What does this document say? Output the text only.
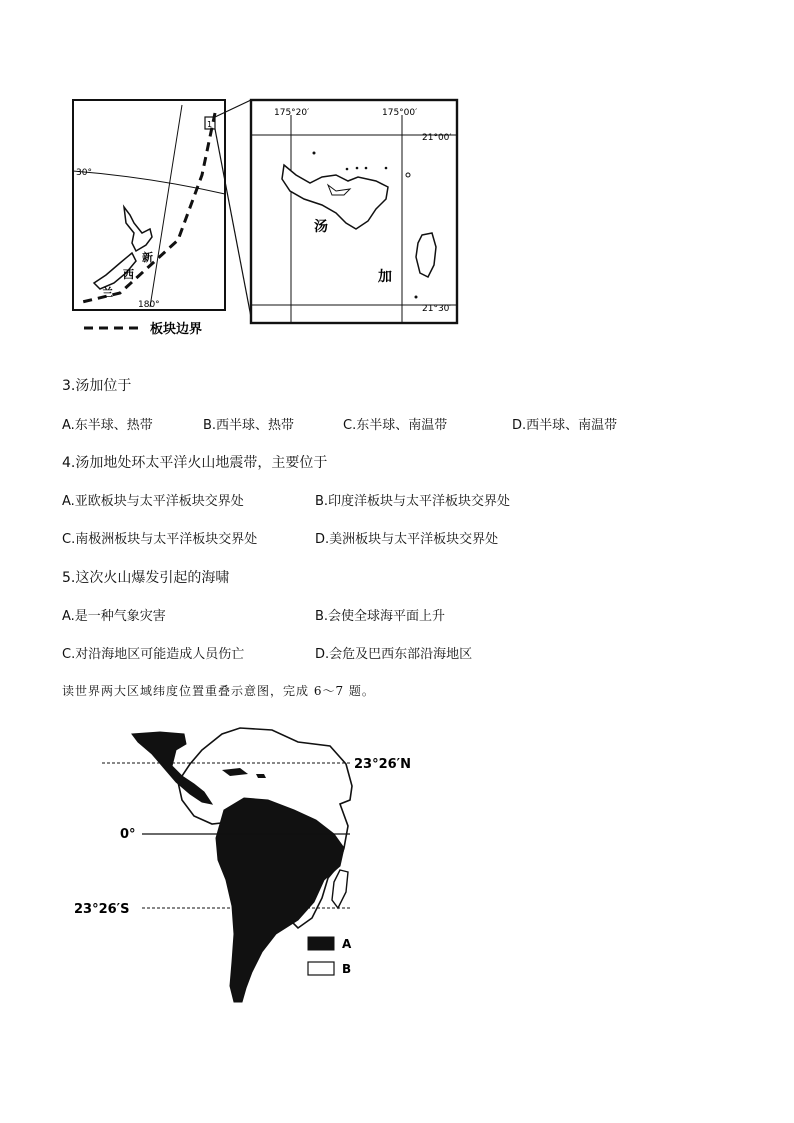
30°
180°
1
新
西
兰
175°20′	175°00′
21°00′
21°30′
汤
加
板块边界
3.汤加位于
A.东半球、热带	B.西半球、热带	C.东半球、南温带	D.西半球、南温带
4.汤加地处环太平洋火山地震带，主要位于
A.亚欧板块与太平洋板块交界处	B.印度洋板块与太平洋板块交界处
C.南极洲板块与太平洋板块交界处	D.美洲板块与太平洋板块交界处
5.这次火山爆发引起的海啸
A.是一种气象灾害	B.会使全球海平面上升
C.对沿海地区可能造成人员伤亡	D.会危及巴西东部沿海地区
读世界两大区域纬度位置重叠示意图，完成 6～7 题。
23°26′N
0°
23°26′S
A
B
